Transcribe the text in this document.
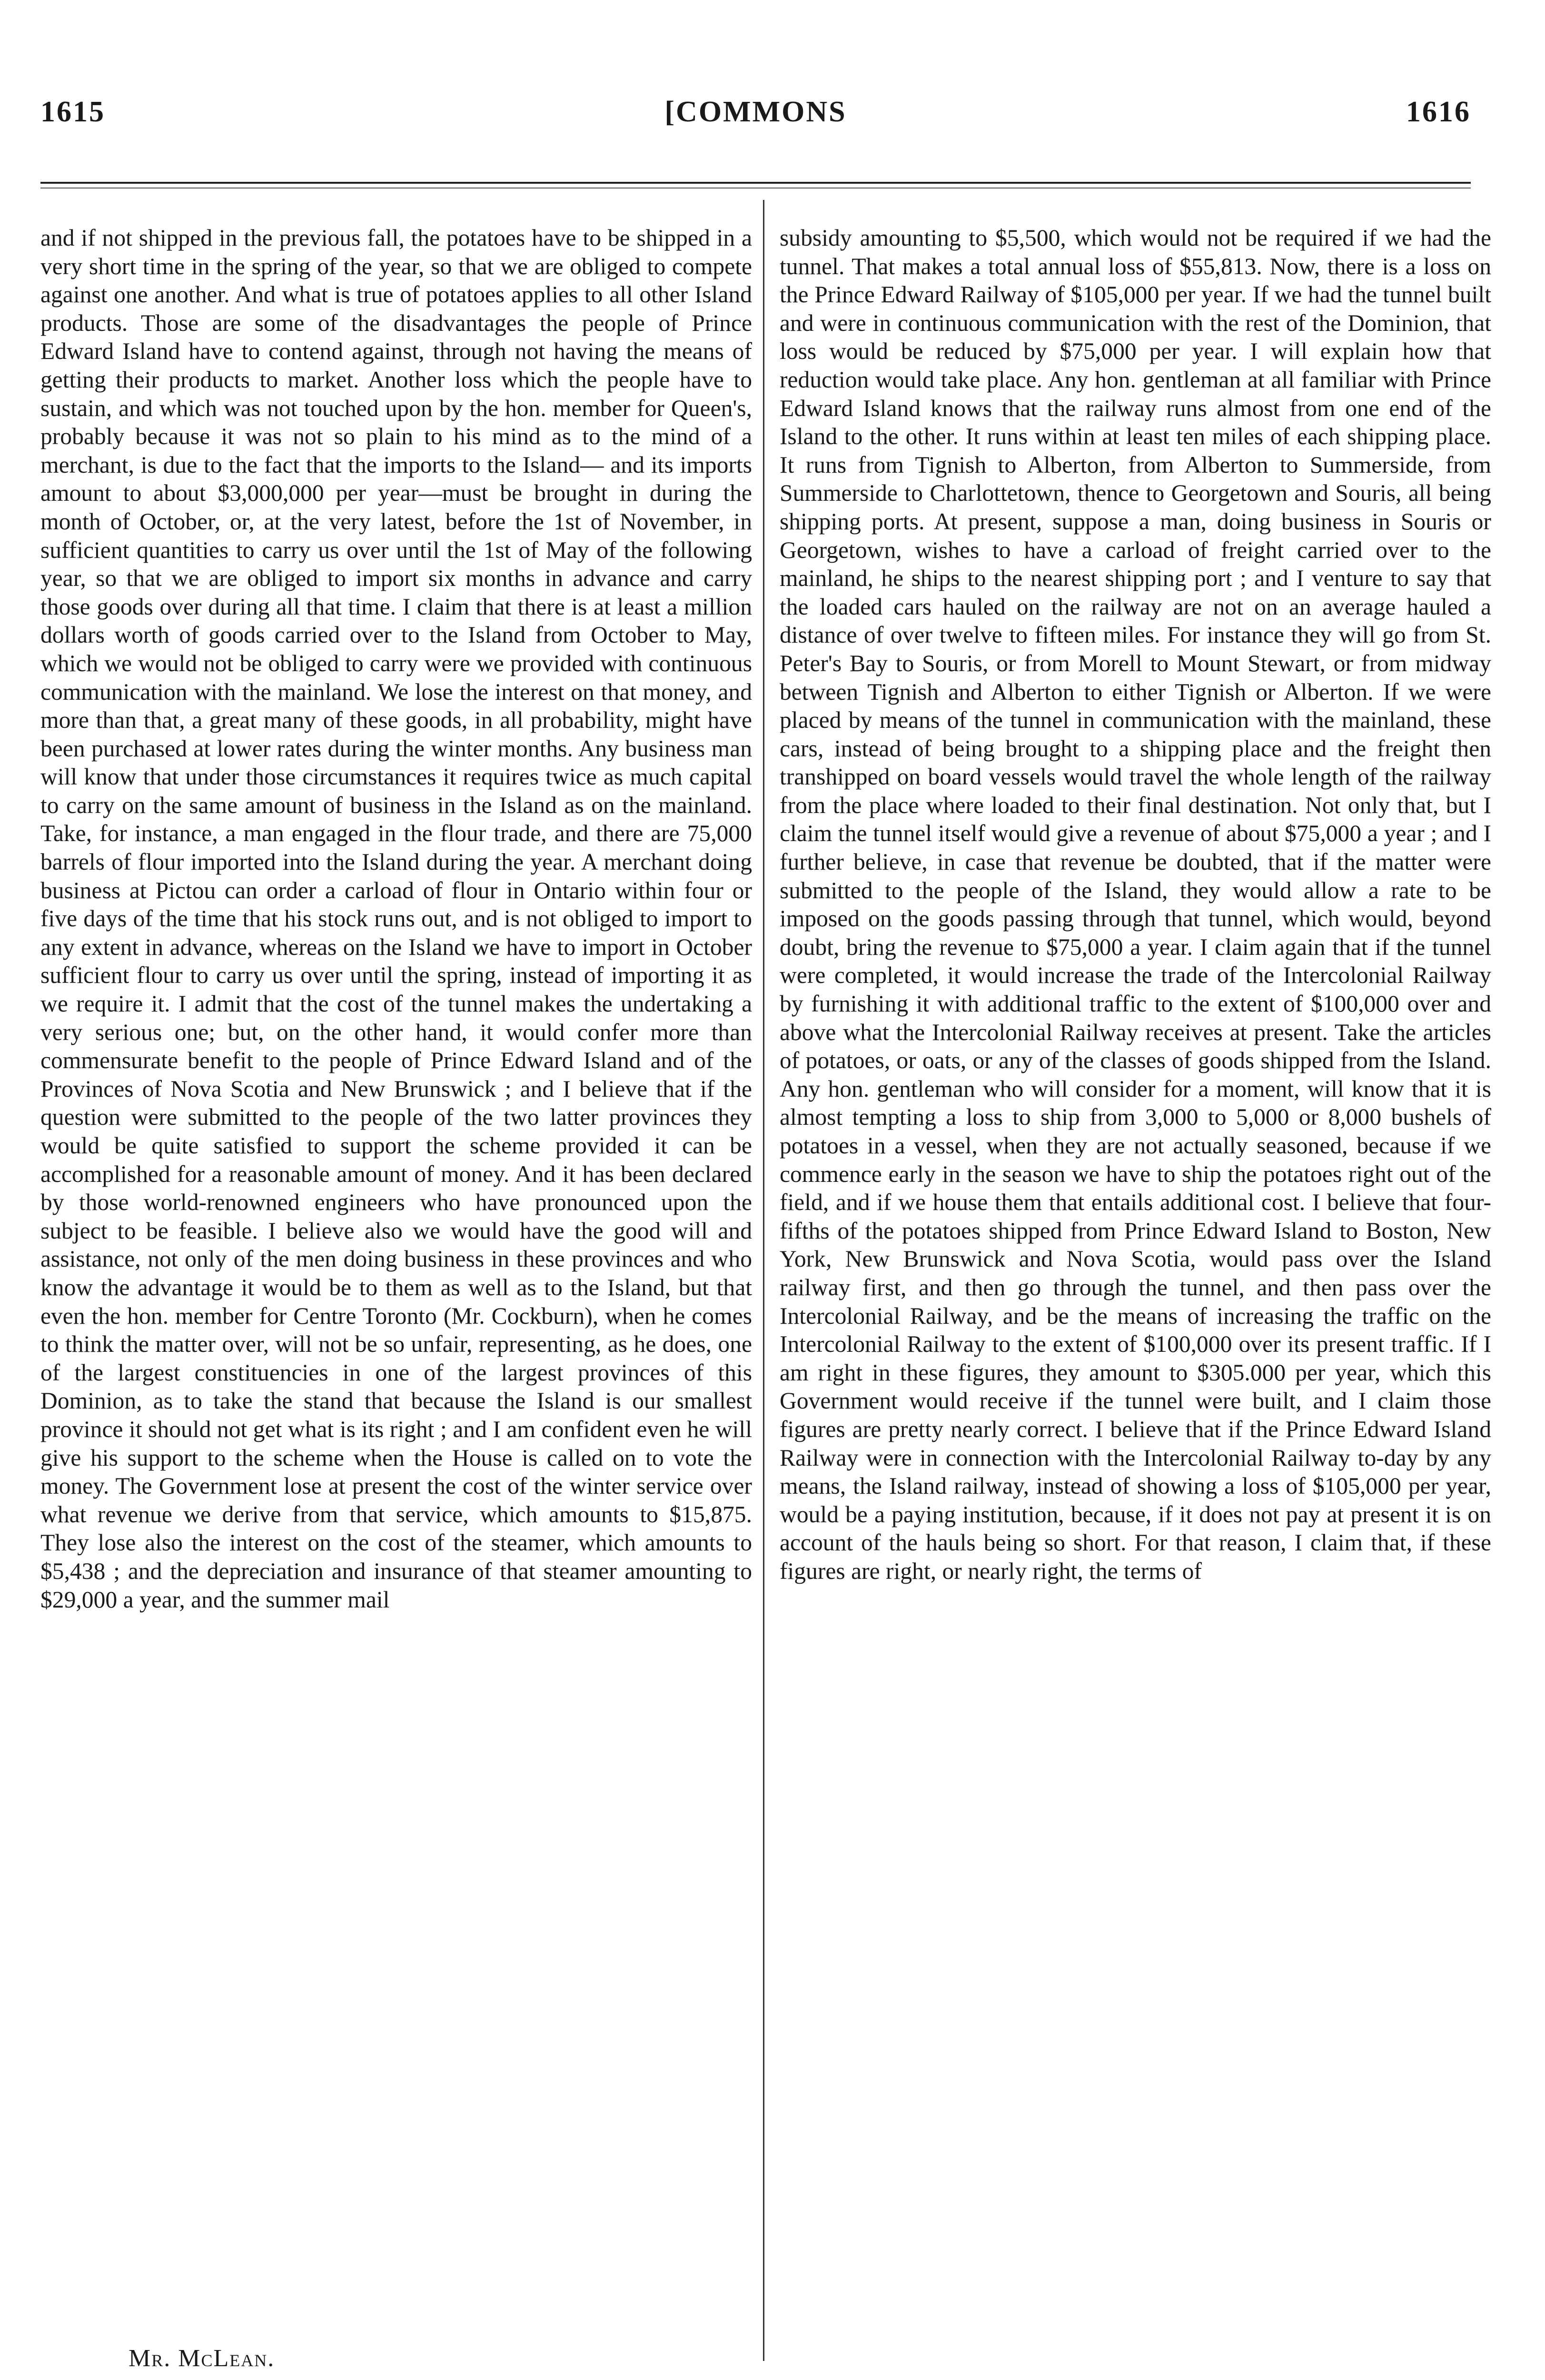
1615	[COMMONS	1616

and if not shipped in the previous fall, the potatoes have to be shipped in a very short time in the spring of the year, so that we are obliged to compete against one another. And what is true of potatoes applies to all other Island products. Those are some of the disadvantages the people of Prince Edward Island have to contend against, through not having the means of getting their products to market. Another loss which the people have to sustain, and which was not touched upon by the hon. member for Queen's, probably because it was not so plain to his mind as to the mind of a merchant, is due to the fact that the imports to the Island— and its imports amount to about $3,000,000 per year—must be brought in during the month of October, or, at the very latest, before the 1st of November, in sufficient quantities to carry us over until the 1st of May of the following year, so that we are obliged to import six months in advance and carry those goods over during all that time. I claim that there is at least a million dollars worth of goods carried over to the Island from October to May, which we would not be obliged to carry were we provided with continuous communication with the mainland. We lose the interest on that money, and more than that, a great many of these goods, in all probability, might have been purchased at lower rates during the winter months. Any business man will know that under those circumstances it requires twice as much capital to carry on the same amount of business in the Island as on the mainland. Take, for instance, a man engaged in the flour trade, and there are 75,000 barrels of flour imported into the Island during the year. A merchant doing business at Pictou can order a carload of flour in Ontario within four or five days of the time that his stock runs out, and is not obliged to import to any extent in advance, whereas on the Island we have to import in October sufficient flour to carry us over until the spring, instead of importing it as we require it. I admit that the cost of the tunnel makes the undertaking a very serious one; but, on the other hand, it would confer more than commensurate benefit to the people of Prince Edward Island and of the Provinces of Nova Scotia and New Brunswick ; and I believe that if the question were submitted to the people of the two latter provinces they would be quite satisfied to support the scheme provided it can be accomplished for a reasonable amount of money. And it has been declared by those world-renowned engineers who have pronounced upon the subject to be feasible. I believe also we would have the good will and assistance, not only of the men doing business in these provinces and who know the advantage it would be to them as well as to the Island, but that even the hon. member for Centre Toronto (Mr. Cockburn), when he comes to think the matter over, will not be so unfair, representing, as he does, one of the largest constituencies in one of the largest provinces of this Dominion, as to take the stand that because the Island is our smallest province it should not get what is its right ; and I am confident even he will give his support to the scheme when the House is called on to vote the money. The Government lose at present the cost of the winter service over what revenue we derive from that service, which amounts to $15,875. They lose also the interest on the cost of the steamer, which amounts to $5,438 ; and the depreciation and insurance of that steamer amounting to $29,000 a year, and the summer mail

subsidy amounting to $5,500, which would not be required if we had the tunnel. That makes a total annual loss of $55,813. Now, there is a loss on the Prince Edward Railway of $105,000 per year. If we had the tunnel built and were in continuous communication with the rest of the Dominion, that loss would be reduced by $75,000 per year. I will explain how that reduction would take place. Any hon. gentleman at all familiar with Prince Edward Island knows that the railway runs almost from one end of the Island to the other. It runs within at least ten miles of each shipping place. It runs from Tignish to Alberton, from Alberton to Summerside, from Summerside to Charlottetown, thence to Georgetown and Souris, all being shipping ports. At present, suppose a man, doing business in Souris or Georgetown, wishes to have a carload of freight carried over to the mainland, he ships to the nearest shipping port ; and I venture to say that the loaded cars hauled on the railway are not on an average hauled a distance of over twelve to fifteen miles. For instance they will go from St. Peter's Bay to Souris, or from Morell to Mount Stewart, or from midway between Tignish and Alberton to either Tignish or Alberton. If we were placed by means of the tunnel in communication with the mainland, these cars, instead of being brought to a shipping place and the freight then transhipped on board vessels would travel the whole length of the railway from the place where loaded to their final destination. Not only that, but I claim the tunnel itself would give a revenue of about $75,000 a year ; and I further believe, in case that revenue be doubted, that if the matter were submitted to the people of the Island, they would allow a rate to be imposed on the goods passing through that tunnel, which would, beyond doubt, bring the revenue to $75,000 a year. I claim again that if the tunnel were completed, it would increase the trade of the Intercolonial Railway by furnishing it with additional traffic to the extent of $100,000 over and above what the Intercolonial Railway receives at present. Take the articles of potatoes, or oats, or any of the classes of goods shipped from the Island. Any hon. gentleman who will consider for a moment, will know that it is almost tempting a loss to ship from 3,000 to 5,000 or 8,000 bushels of potatoes in a vessel, when they are not actually seasoned, because if we commence early in the season we have to ship the potatoes right out of the field, and if we house them that entails additional cost. I believe that four-fifths of the potatoes shipped from Prince Edward Island to Boston, New York, New Brunswick and Nova Scotia, would pass over the Island railway first, and then go through the tunnel, and then pass over the Intercolonial Railway, and be the means of increasing the traffic on the Intercolonial Railway to the extent of $100,000 over its present traffic. If I am right in these figures, they amount to $305.000 per year, which this Government would receive if the tunnel were built, and I claim those figures are pretty nearly correct. I believe that if the Prince Edward Island Railway were in connection with the Intercolonial Railway to-day by any means, the Island railway, instead of showing a loss of $105,000 per year, would be a paying institution, because, if it does not pay at present it is on account of the hauls being so short. For that reason, I claim that, if these figures are right, or nearly right, the terms of

Mr. McLean.
